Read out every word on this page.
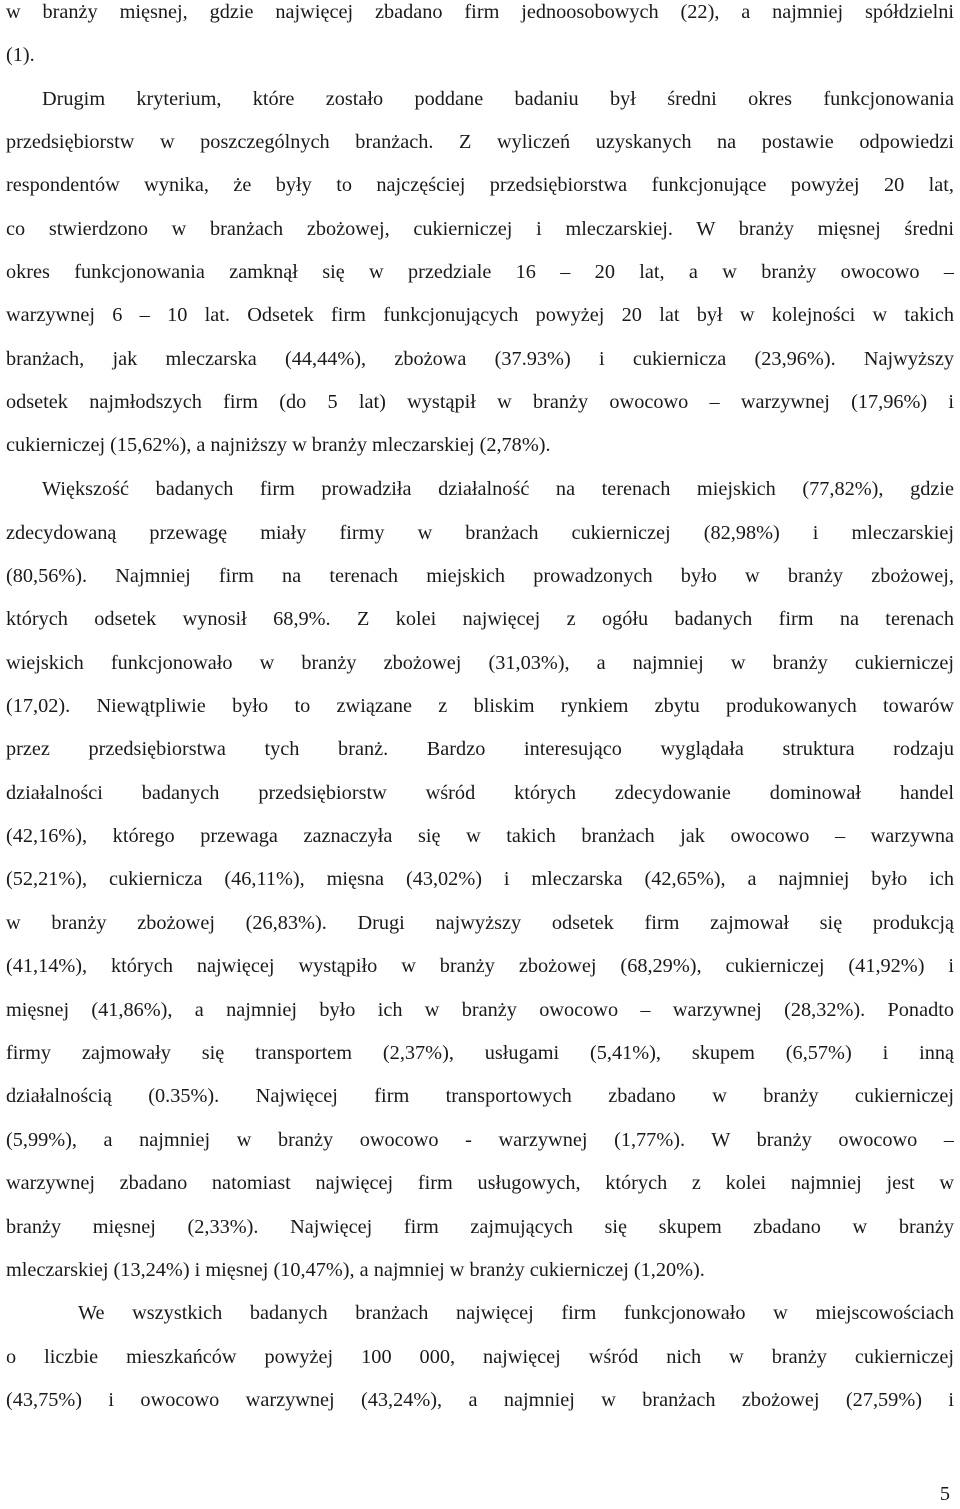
w branży mięsnej, gdzie najwięcej zbadano firm jednoosobowych (22), a najmniej spółdzielni
(1).
Drugim kryterium, które zostało poddane badaniu był średni okres funkcjonowania
przedsiębiorstw w poszczególnych branżach. Z wyliczeń uzyskanych na postawie odpowiedzi
respondentów wynika, że były to najczęściej przedsiębiorstwa funkcjonujące powyżej 20 lat,
co stwierdzono w branżach zbożowej, cukierniczej i mleczarskiej. W branży mięsnej średni
okres funkcjonowania zamknął się w przedziale 16 – 20 lat, a w branży owocowo –
warzywnej 6 – 10 lat. Odsetek firm funkcjonujących powyżej 20 lat był w kolejności w takich
branżach, jak mleczarska (44,44%), zbożowa (37.93%) i cukiernicza (23,96%). Najwyższy
odsetek najmłodszych firm (do 5 lat) wystąpił w branży owocowo – warzywnej (17,96%) i
cukierniczej (15,62%), a najniższy w branży mleczarskiej (2,78%).
Większość badanych firm prowadziła działalność na terenach miejskich (77,82%), gdzie
zdecydowaną przewagę miały firmy w branżach cukierniczej (82,98%) i mleczarskiej
(80,56%). Najmniej firm na terenach miejskich prowadzonych było w branży zbożowej,
których odsetek wynosił 68,9%. Z kolei najwięcej z ogółu badanych firm na terenach
wiejskich funkcjonowało w branży zbożowej (31,03%), a najmniej w branży cukierniczej
(17,02). Niewątpliwie było to związane z bliskim rynkiem zbytu produkowanych towarów
przez przedsiębiorstwa tych branż. Bardzo interesująco wyglądała struktura rodzaju
działalności badanych przedsiębiorstw wśród których zdecydowanie dominował handel
(42,16%), którego przewaga zaznaczyła się w takich branżach jak owocowo – warzywna
(52,21%), cukiernicza (46,11%), mięsna (43,02%) i mleczarska (42,65%), a najmniej było ich
w branży zbożowej (26,83%). Drugi najwyższy odsetek firm zajmował się produkcją
(41,14%), których najwięcej wystąpiło w branży zbożowej (68,29%), cukierniczej (41,92%) i
mięsnej (41,86%), a najmniej było ich w branży owocowo – warzywnej (28,32%). Ponadto
firmy zajmowały się transportem (2,37%), usługami (5,41%), skupem (6,57%) i inną
działalnością (0.35%). Najwięcej firm transportowych zbadano w branży cukierniczej
(5,99%), a najmniej w branży owocowo - warzywnej (1,77%). W branży owocowo –
warzywnej zbadano natomiast najwięcej firm usługowych, których z kolei najmniej jest w
branży mięsnej (2,33%). Najwięcej firm zajmujących się skupem zbadano w branży
mleczarskiej (13,24%) i mięsnej (10,47%), a najmniej w branży cukierniczej (1,20%).
We wszystkich badanych branżach najwięcej firm funkcjonowało w miejscowościach
o liczbie mieszkańców powyżej 100 000, najwięcej wśród nich w branży cukierniczej
(43,75%) i owocowo warzywnej (43,24%), a najmniej w branżach zbożowej (27,59%) i
5
